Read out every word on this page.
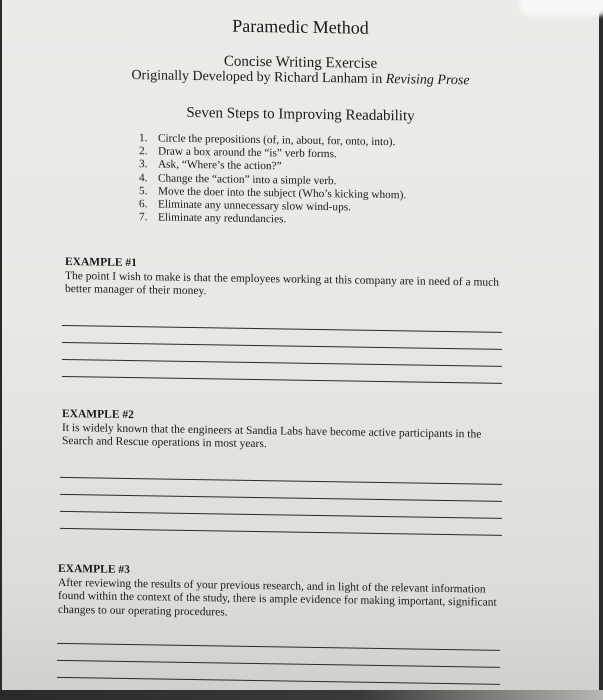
Paramedic Method
Concise Writing Exercise
Originally Developed by Richard Lanham in Revising Prose
Seven Steps to Improving Readability
1. Circle the prepositions (of, in, about, for, onto, into).
2. Draw a box around the “is” verb forms.
3. Ask, “Where’s the action?”
4. Change the “action” into a simple verb.
5. Move the doer into the subject (Who’s kicking whom).
6. Eliminate any unnecessary slow wind-ups.
7. Eliminate any redundancies.
EXAMPLE #1
The point I wish to make is that the employees working at this company are in need of a much better manager of their money.
EXAMPLE #2
It is widely known that the engineers at Sandia Labs have become active participants in the Search and Rescue operations in most years.
EXAMPLE #3
After reviewing the results of your previous research, and in light of the relevant information found within the context of the study, there is ample evidence for making important, significant changes to our operating procedures.
